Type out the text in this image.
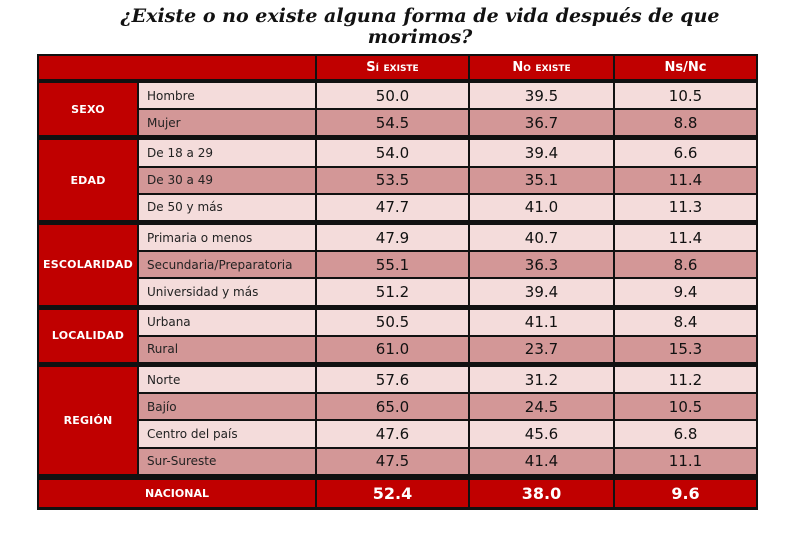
¿Existe o no existe alguna forma de vida después de que morimos?
Sí existe	No existe	Ns/Nc
SEXO
Hombre	50.0	39.5	10.5
Mujer	54.5	36.7	8.8
EDAD
De 18 a 29	54.0	39.4	6.6
De 30 a 49	53.5	35.1	11.4
De 50 y más	47.7	41.0	11.3
ESCOLARIDAD
Primaria o menos	47.9	40.7	11.4
Secundaria/Preparatoria	55.1	36.3	8.6
Universidad y más	51.2	39.4	9.4
LOCALIDAD
Urbana	50.5	41.1	8.4
Rural	61.0	23.7	15.3
REGIÓN
Norte	57.6	31.2	11.2
Bajío	65.0	24.5	10.5
Centro del país	47.6	45.6	6.8
Sur-Sureste	47.5	41.4	11.1
NACIONAL	52.4	38.0	9.6
